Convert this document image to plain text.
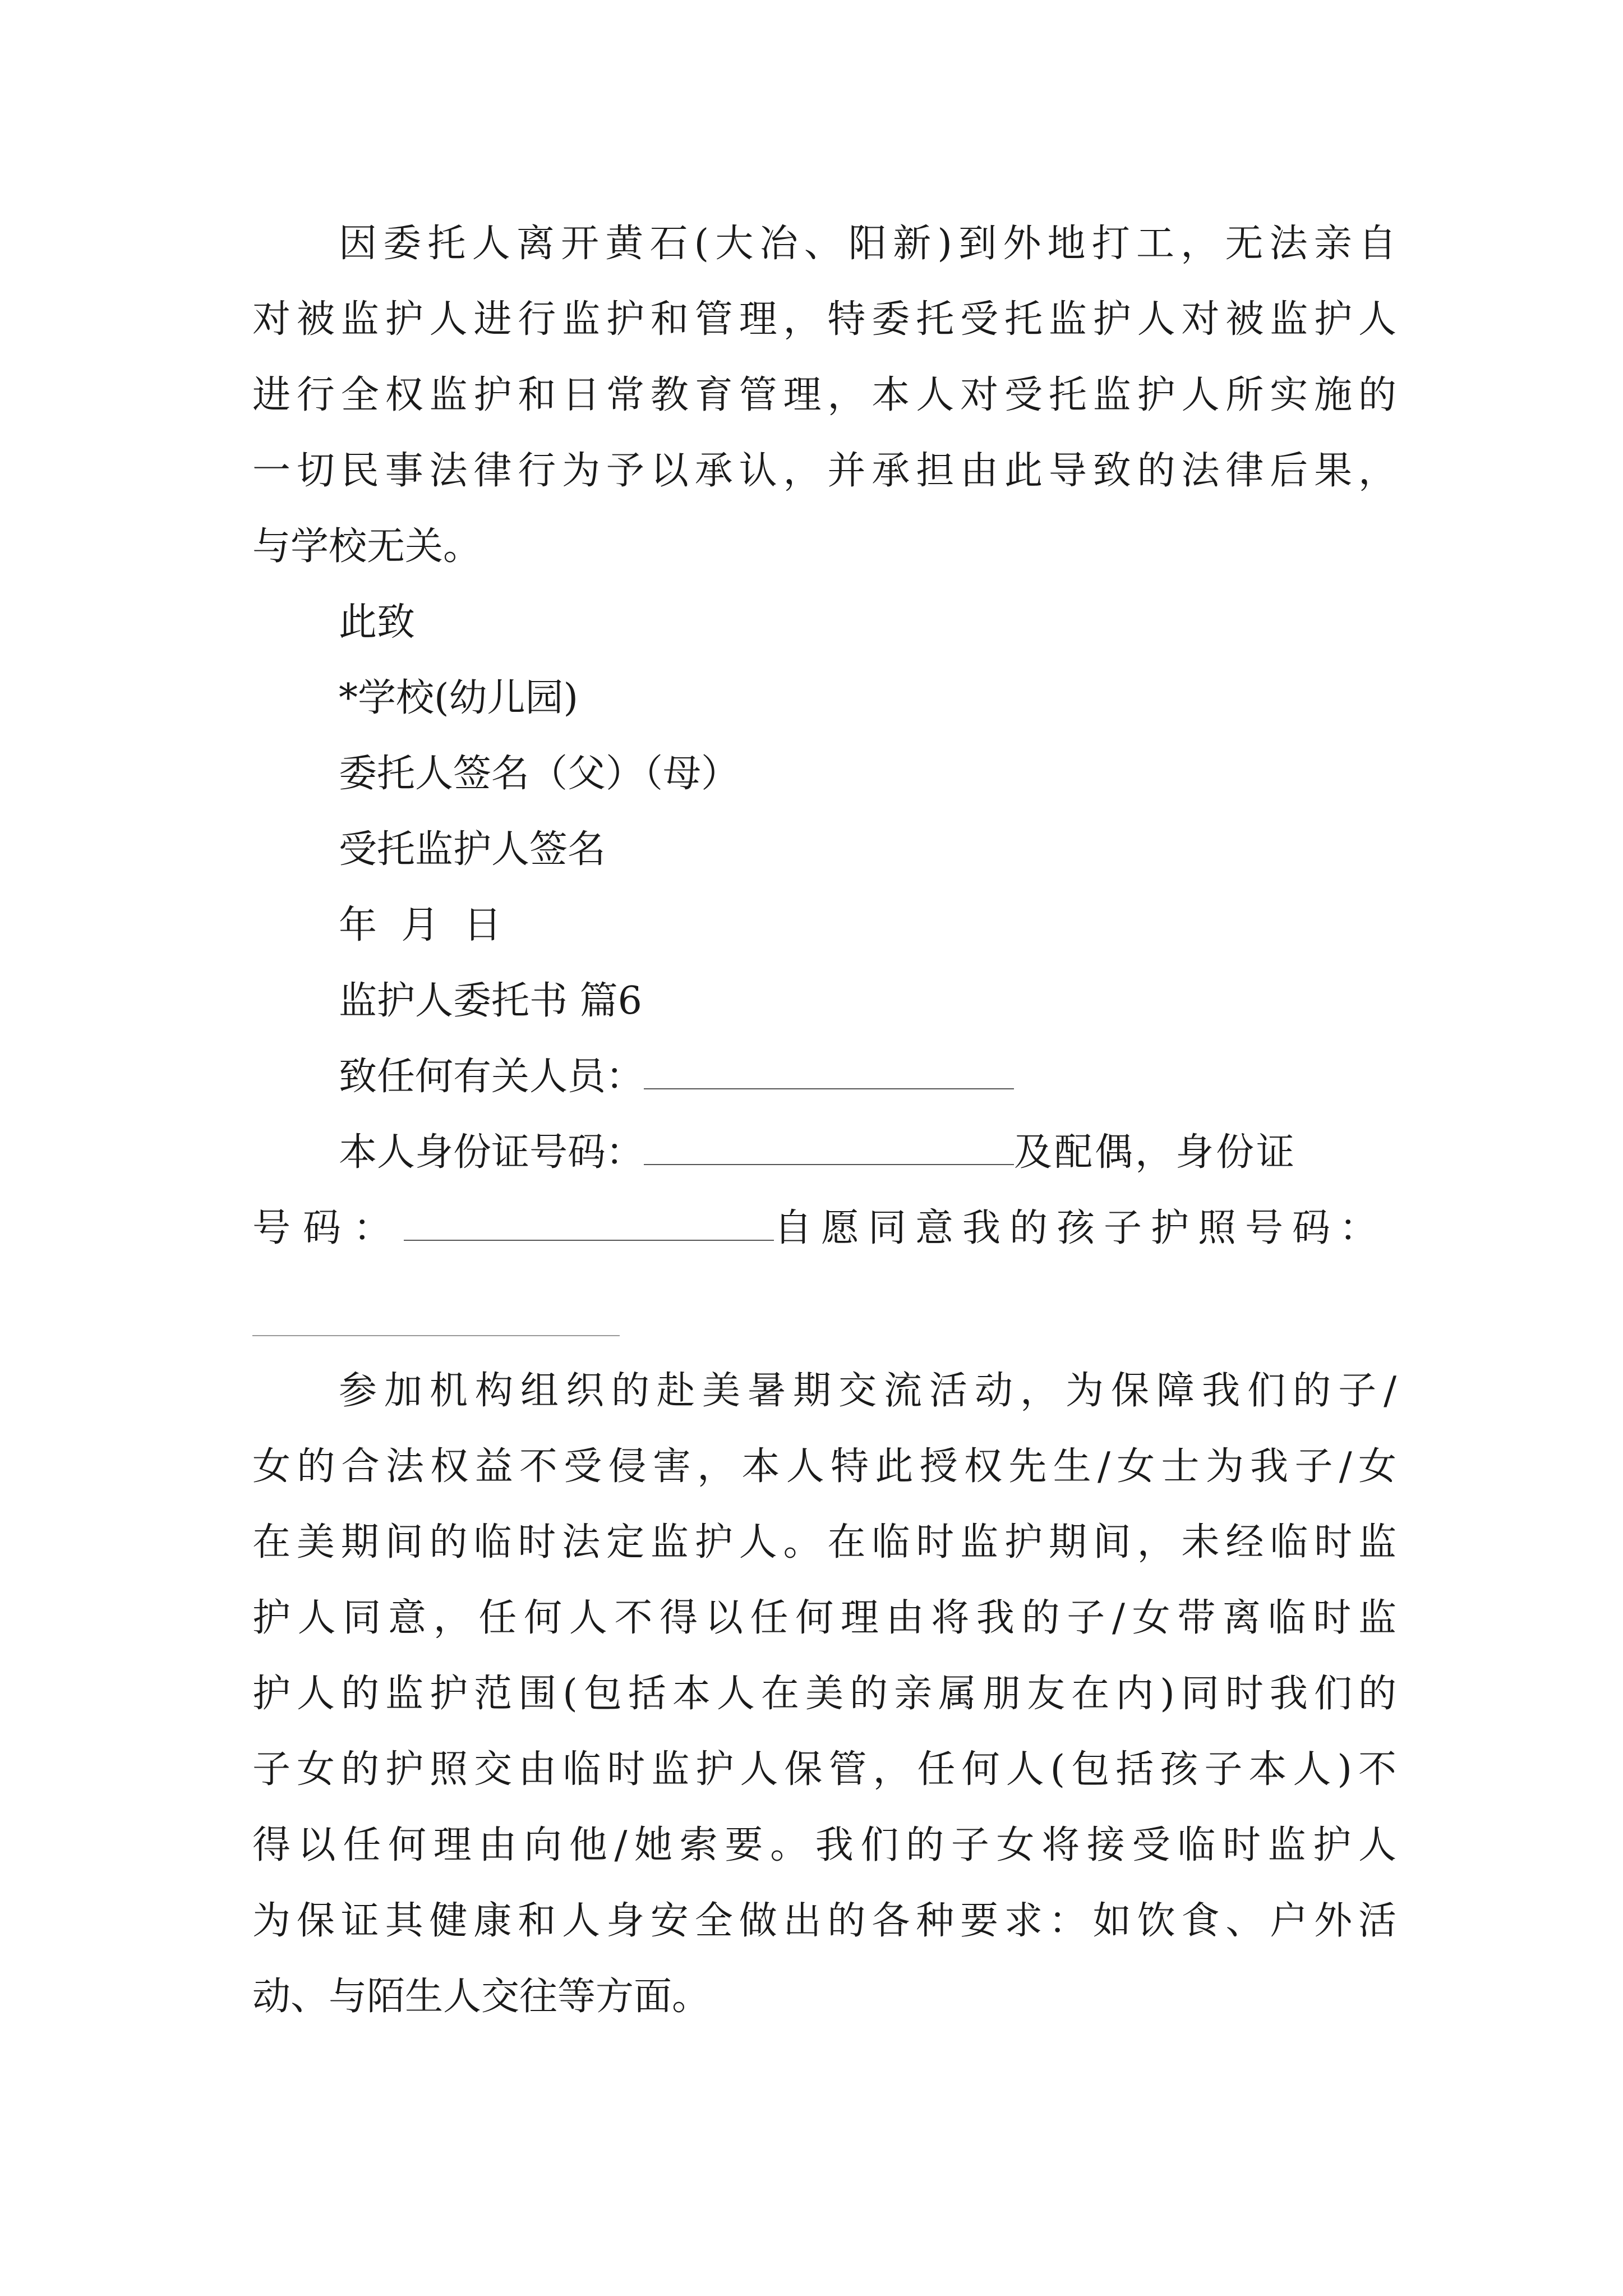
因委托人离开黄石(大冶、阳新)到外地打工，无法亲自
对被监护人进行监护和管理，特委托受托监护人对被监护人
进行全权监护和日常教育管理，本人对受托监护人所实施的
一切民事法律行为予以承认，并承担由此导致的法律后果，
与学校无关。
此致
*学校(幼儿园)
委托人签名（父）（母）
受托监护人签名
年  月  日
监护人委托书 篇6
致任何有关人员：
本人身份证号码：	及配偶，身份证
号码：	自愿同意我的孩子护照号码：
参加机构组织的赴美暑期交流活动，为保障我们的子/
女的合法权益不受侵害，本人特此授权先生/女士为我子/女
在美期间的临时法定监护人。在临时监护期间，未经临时监
护人同意，任何人不得以任何理由将我的子/女带离临时监
护人的监护范围(包括本人在美的亲属朋友在内)同时我们的
子女的护照交由临时监护人保管，任何人(包括孩子本人)不
得以任何理由向他/她索要。我们的子女将接受临时监护人
为保证其健康和人身安全做出的各种要求：如饮食、户外活
动、与陌生人交往等方面。
